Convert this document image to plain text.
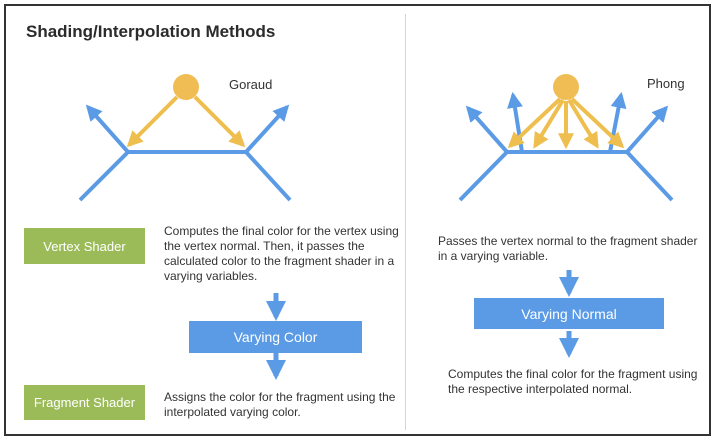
Shading/Interpolation Methods
Goraud
Vertex Shader
Computes the final color for the vertex using the vertex normal. Then, it passes the calculated color to the fragment shader in a varying variables.
Varying Color
Fragment Shader	Assigns the color for the fragment using the interpolated varying color.
Phong
Passes the vertex normal to the fragment shader in a varying variable.
Varying Normal
Computes the final color for the fragment using the respective interpolated normal.
